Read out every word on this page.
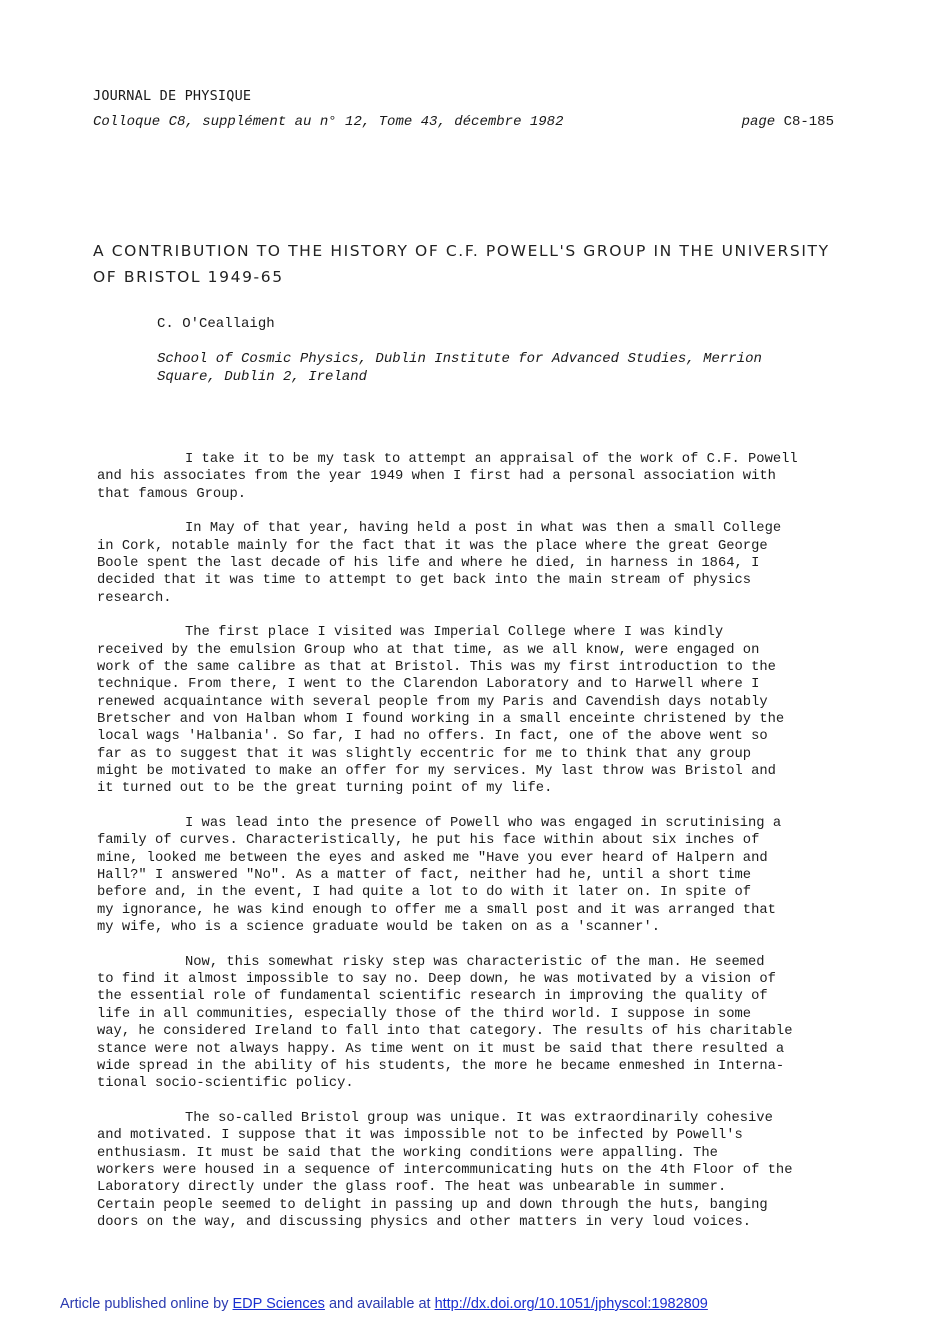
JOURNAL DE PHYSIQUE
Colloque C8, supplément au n° 12, Tome 43, décembre 1982	page C8-185
A CONTRIBUTION TO THE HISTORY OF C.F. POWELL'S GROUP IN THE UNIVERSITY OF BRISTOL 1949-65
C. O'Ceallaigh
School of Cosmic Physics, Dublin Institute for Advanced Studies, Merrion Square, Dublin 2, Ireland

I take it to be my task to attempt an appraisal of the work of C.F. Powell
and his associates from the year 1949 when I first had a personal association with
that famous Group.

In May of that year, having held a post in what was then a small College
in Cork, notable mainly for the fact that it was the place where the great George
Boole spent the last decade of his life and where he died, in harness in 1864, I
decided that it was time to attempt to get back into the main stream of physics
research.

The first place I visited was Imperial College where I was kindly
received by the emulsion Group who at that time, as we all know, were engaged on
work of the same calibre as that at Bristol. This was my first introduction to the
technique. From there, I went to the Clarendon Laboratory and to Harwell where I
renewed acquaintance with several people from my Paris and Cavendish days notably
Bretscher and von Halban whom I found working in a small enceinte christened by the
local wags 'Halbania'. So far, I had no offers. In fact, one of the above went so
far as to suggest that it was slightly eccentric for me to think that any group
might be motivated to make an offer for my services. My last throw was Bristol and
it turned out to be the great turning point of my life.

I was lead into the presence of Powell who was engaged in scrutinising a
family of curves. Characteristically, he put his face within about six inches of
mine, looked me between the eyes and asked me "Have you ever heard of Halpern and
Hall?" I answered "No". As a matter of fact, neither had he, until a short time
before and, in the event, I had quite a lot to do with it later on. In spite of
my ignorance, he was kind enough to offer me a small post and it was arranged that
my wife, who is a science graduate would be taken on as a 'scanner'.

Now, this somewhat risky step was characteristic of the man. He seemed
to find it almost impossible to say no. Deep down, he was motivated by a vision of
the essential role of fundamental scientific research in improving the quality of
life in all communities, especially those of the third world. I suppose in some
way, he considered Ireland to fall into that category. The results of his charitable
stance were not always happy. As time went on it must be said that there resulted a
wide spread in the ability of his students, the more he became enmeshed in Interna-
tional socio-scientific policy.

The so-called Bristol group was unique. It was extraordinarily cohesive
and motivated. I suppose that it was impossible not to be infected by Powell's
enthusiasm. It must be said that the working conditions were appalling. The
workers were housed in a sequence of intercommunicating huts on the 4th Floor of the
Laboratory directly under the glass roof. The heat was unbearable in summer.
Certain people seemed to delight in passing up and down through the huts, banging
doors on the way, and discussing physics and other matters in very loud voices.

Article published online by EDP Sciences and available at http://dx.doi.org/10.1051/jphyscol:1982809
